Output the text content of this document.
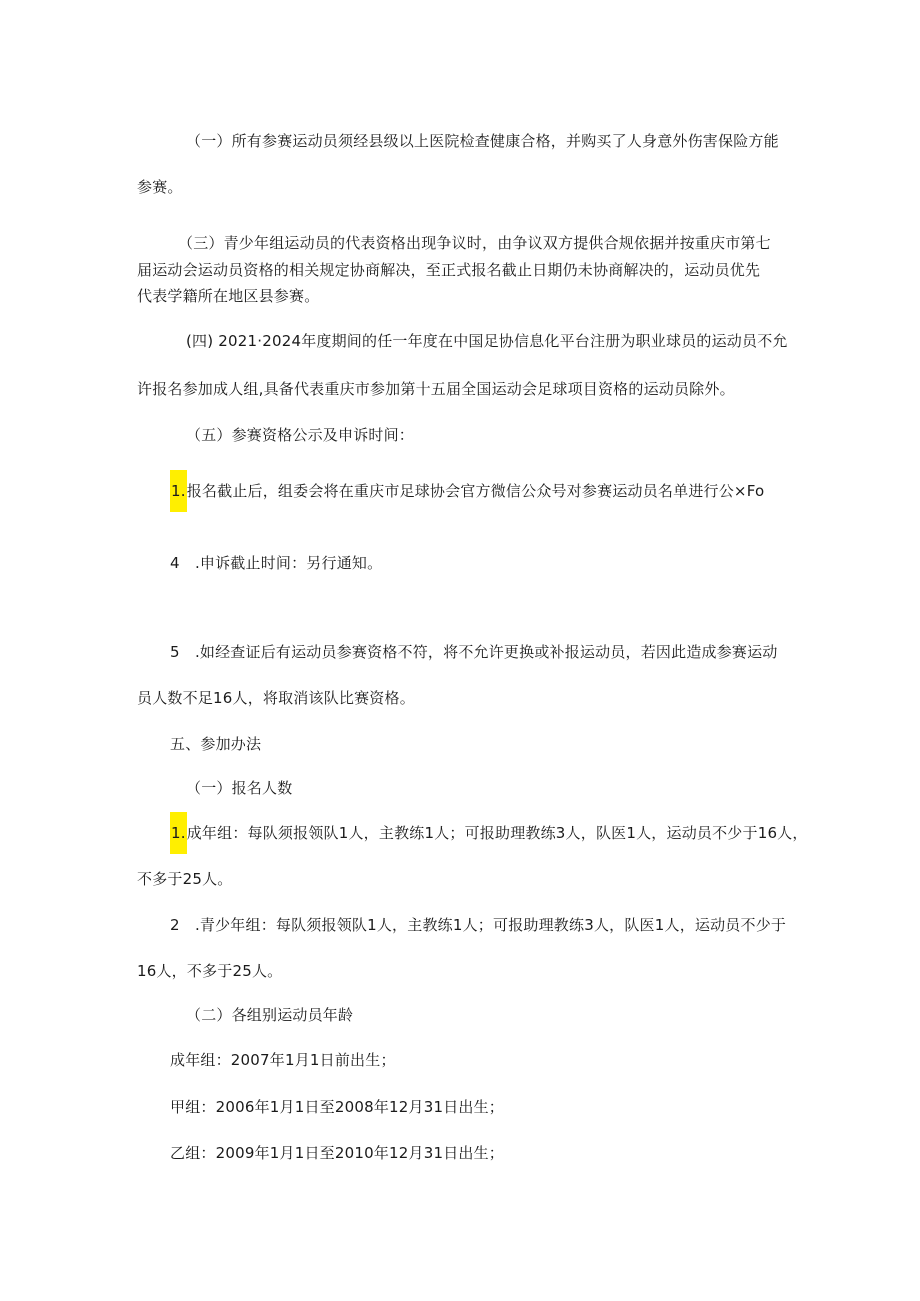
（一）所有参赛运动员须经县级以上医院检查健康合格，并购买了人身意外伤害保险方能
参赛。
（三）青少年组运动员的代表资格出现争议时，由争议双方提供合规依据并按重庆市第七
届运动会运动员资格的相关规定协商解决，至正式报名截止日期仍未协商解决的，运动员优先
代表学籍所在地区县参赛。
(四) 2021·2024年度期间的任一年度在中国足协信息化平台注册为职业球员的运动员不允
许报名参加成人组,具备代表重庆市参加第十五届全国运动会足球项目资格的运动员除外。
（五）参赛资格公示及申诉时间：
1.报名截止后，组委会将在重庆市足球协会官方微信公众号对参赛运动员名单进行公×Fo
4　.申诉截止时间：另行通知。
5　.如经查证后有运动员参赛资格不符，将不允许更换或补报运动员，若因此造成参赛运动
员人数不足16人，将取消该队比赛资格。
五、参加办法
（一）报名人数
1.成年组：每队须报领队1人，主教练1人；可报助理教练3人，队医1人，运动员不少于16人，
不多于25人。
2　.青少年组：每队须报领队1人，主教练1人；可报助理教练3人，队医1人，运动员不少于
16人，不多于25人。
（二）各组别运动员年龄
成年组：2007年1月1日前出生；
甲组：2006年1月1日至2008年12月31日出生；
乙组：2009年1月1日至2010年12月31日出生；
